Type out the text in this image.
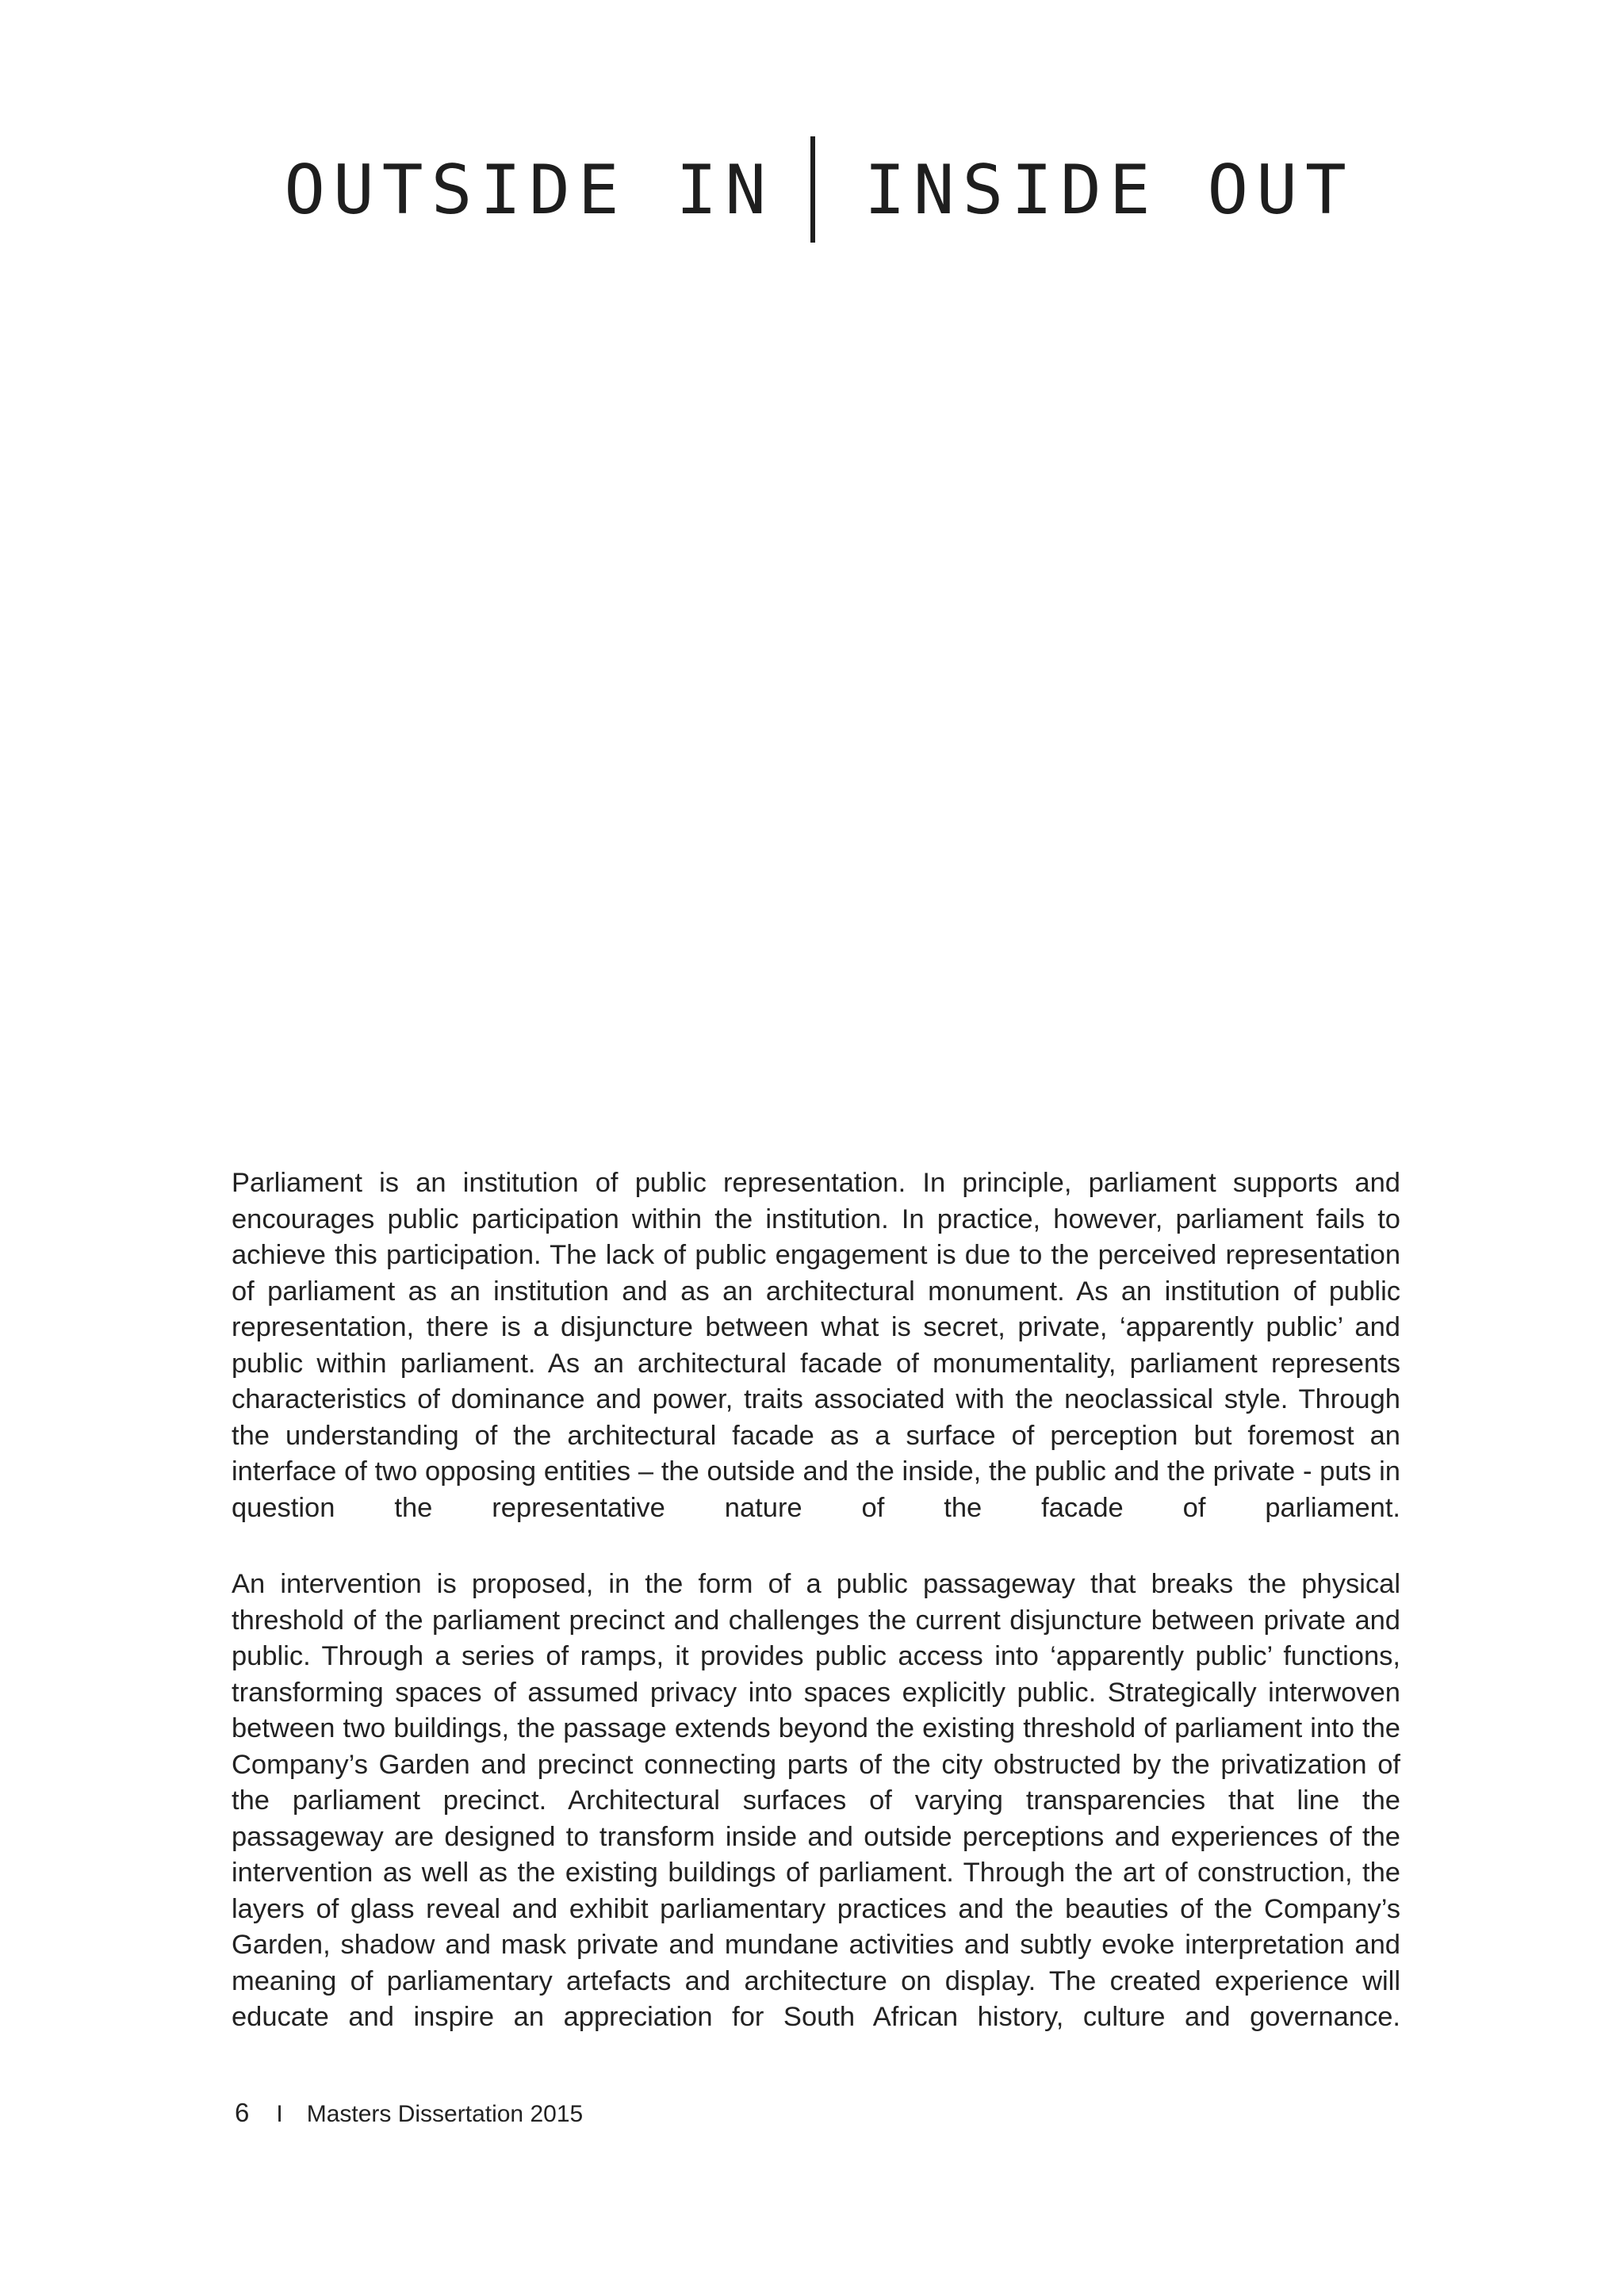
OUTSIDE IN INSIDE OUT

Parliament is an institution of public representation. In principle, parliament supports and encourages public participation within the institution. In practice, however, parliament fails to achieve this participation. The lack of public engagement is due to the perceived representation of parliament as an institution and as an architectural monument. As an institution of public representation, there is a disjuncture between what is secret, private, ‘apparently public’ and public within parliament. As an architectural facade of monumentality, parliament represents characteristics of dominance and power, traits associated with the neoclassical style. Through the understanding of the architectural facade as a surface of perception but foremost an interface of two opposing entities – the outside and the inside, the public and the private - puts in question the representative nature of the facade of parliament.

An intervention is proposed, in the form of a public passageway that breaks the physical threshold of the parliament precinct and challenges the current disjuncture between private and public. Through a series of ramps, it provides public access into ‘apparently public’ functions, transforming spaces of assumed privacy into spaces explicitly public. Strategically interwoven between two buildings, the passage extends beyond the existing threshold of parliament into the Company’s Garden and precinct connecting parts of the city obstructed by the privatization of the parliament precinct. Architectural surfaces of varying transparencies that line the passageway are designed to transform inside and outside perceptions and experiences of the intervention as well as the existing buildings of parliament. Through the art of construction, the layers of glass reveal and exhibit parliamentary practices and the beauties of the Company’s Garden, shadow and mask private and mundane activities and subtly evoke interpretation and meaning of parliamentary artefacts and architecture on display. The created experience will educate and inspire an appreciation for South African history, culture and governance.

6 I Masters Dissertation 2015
